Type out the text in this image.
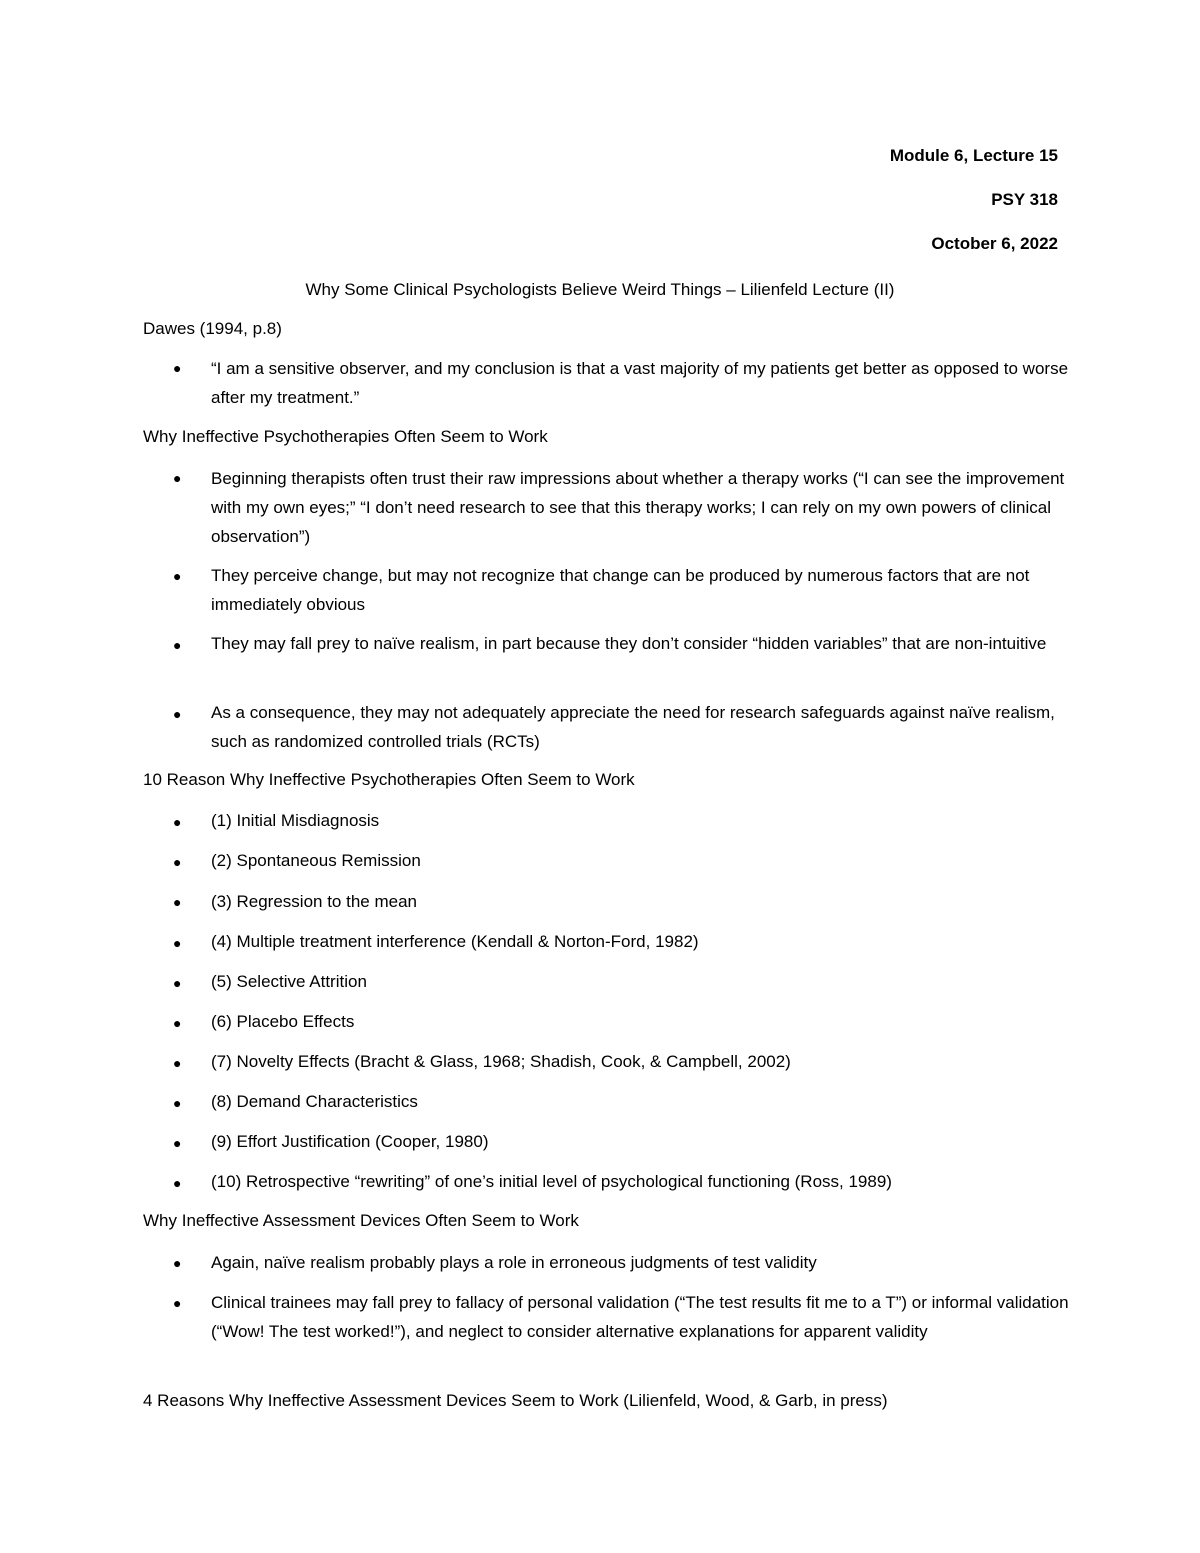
Module 6, Lecture 15
PSY 318
October 6, 2022
Why Some Clinical Psychologists Believe Weird Things – Lilienfeld Lecture (II)
Dawes (1994, p.8)
● “I am a sensitive observer, and my conclusion is that a vast majority of my patients get better as opposed to worse after my treatment.”
Why Ineffective Psychotherapies Often Seem to Work
● Beginning therapists often trust their raw impressions about whether a therapy works (“I can see the improvement with my own eyes;” “I don’t need research to see that this therapy works; I can rely on my own powers of clinical observation”)
● They perceive change, but may not recognize that change can be produced by numerous factors that are not immediately obvious
● They may fall prey to naïve realism, in part because they don’t consider “hidden variables” that are non-intuitive
● As a consequence, they may not adequately appreciate the need for research safeguards against naïve realism, such as randomized controlled trials (RCTs)
10 Reason Why Ineffective Psychotherapies Often Seem to Work
● (1) Initial Misdiagnosis
● (2) Spontaneous Remission
● (3) Regression to the mean
● (4) Multiple treatment interference (Kendall & Norton-Ford, 1982)
● (5) Selective Attrition
● (6) Placebo Effects
● (7) Novelty Effects (Bracht & Glass, 1968; Shadish, Cook, & Campbell, 2002)
● (8) Demand Characteristics
● (9) Effort Justification (Cooper, 1980)
● (10) Retrospective “rewriting” of one’s initial level of psychological functioning (Ross, 1989)
Why Ineffective Assessment Devices Often Seem to Work
● Again, naïve realism probably plays a role in erroneous judgments of test validity
● Clinical trainees may fall prey to fallacy of personal validation (“The test results fit me to a T”) or informal validation (“Wow! The test worked!”), and neglect to consider alternative explanations for apparent validity
4 Reasons Why Ineffective Assessment Devices Seem to Work (Lilienfeld, Wood, & Garb, in press)
